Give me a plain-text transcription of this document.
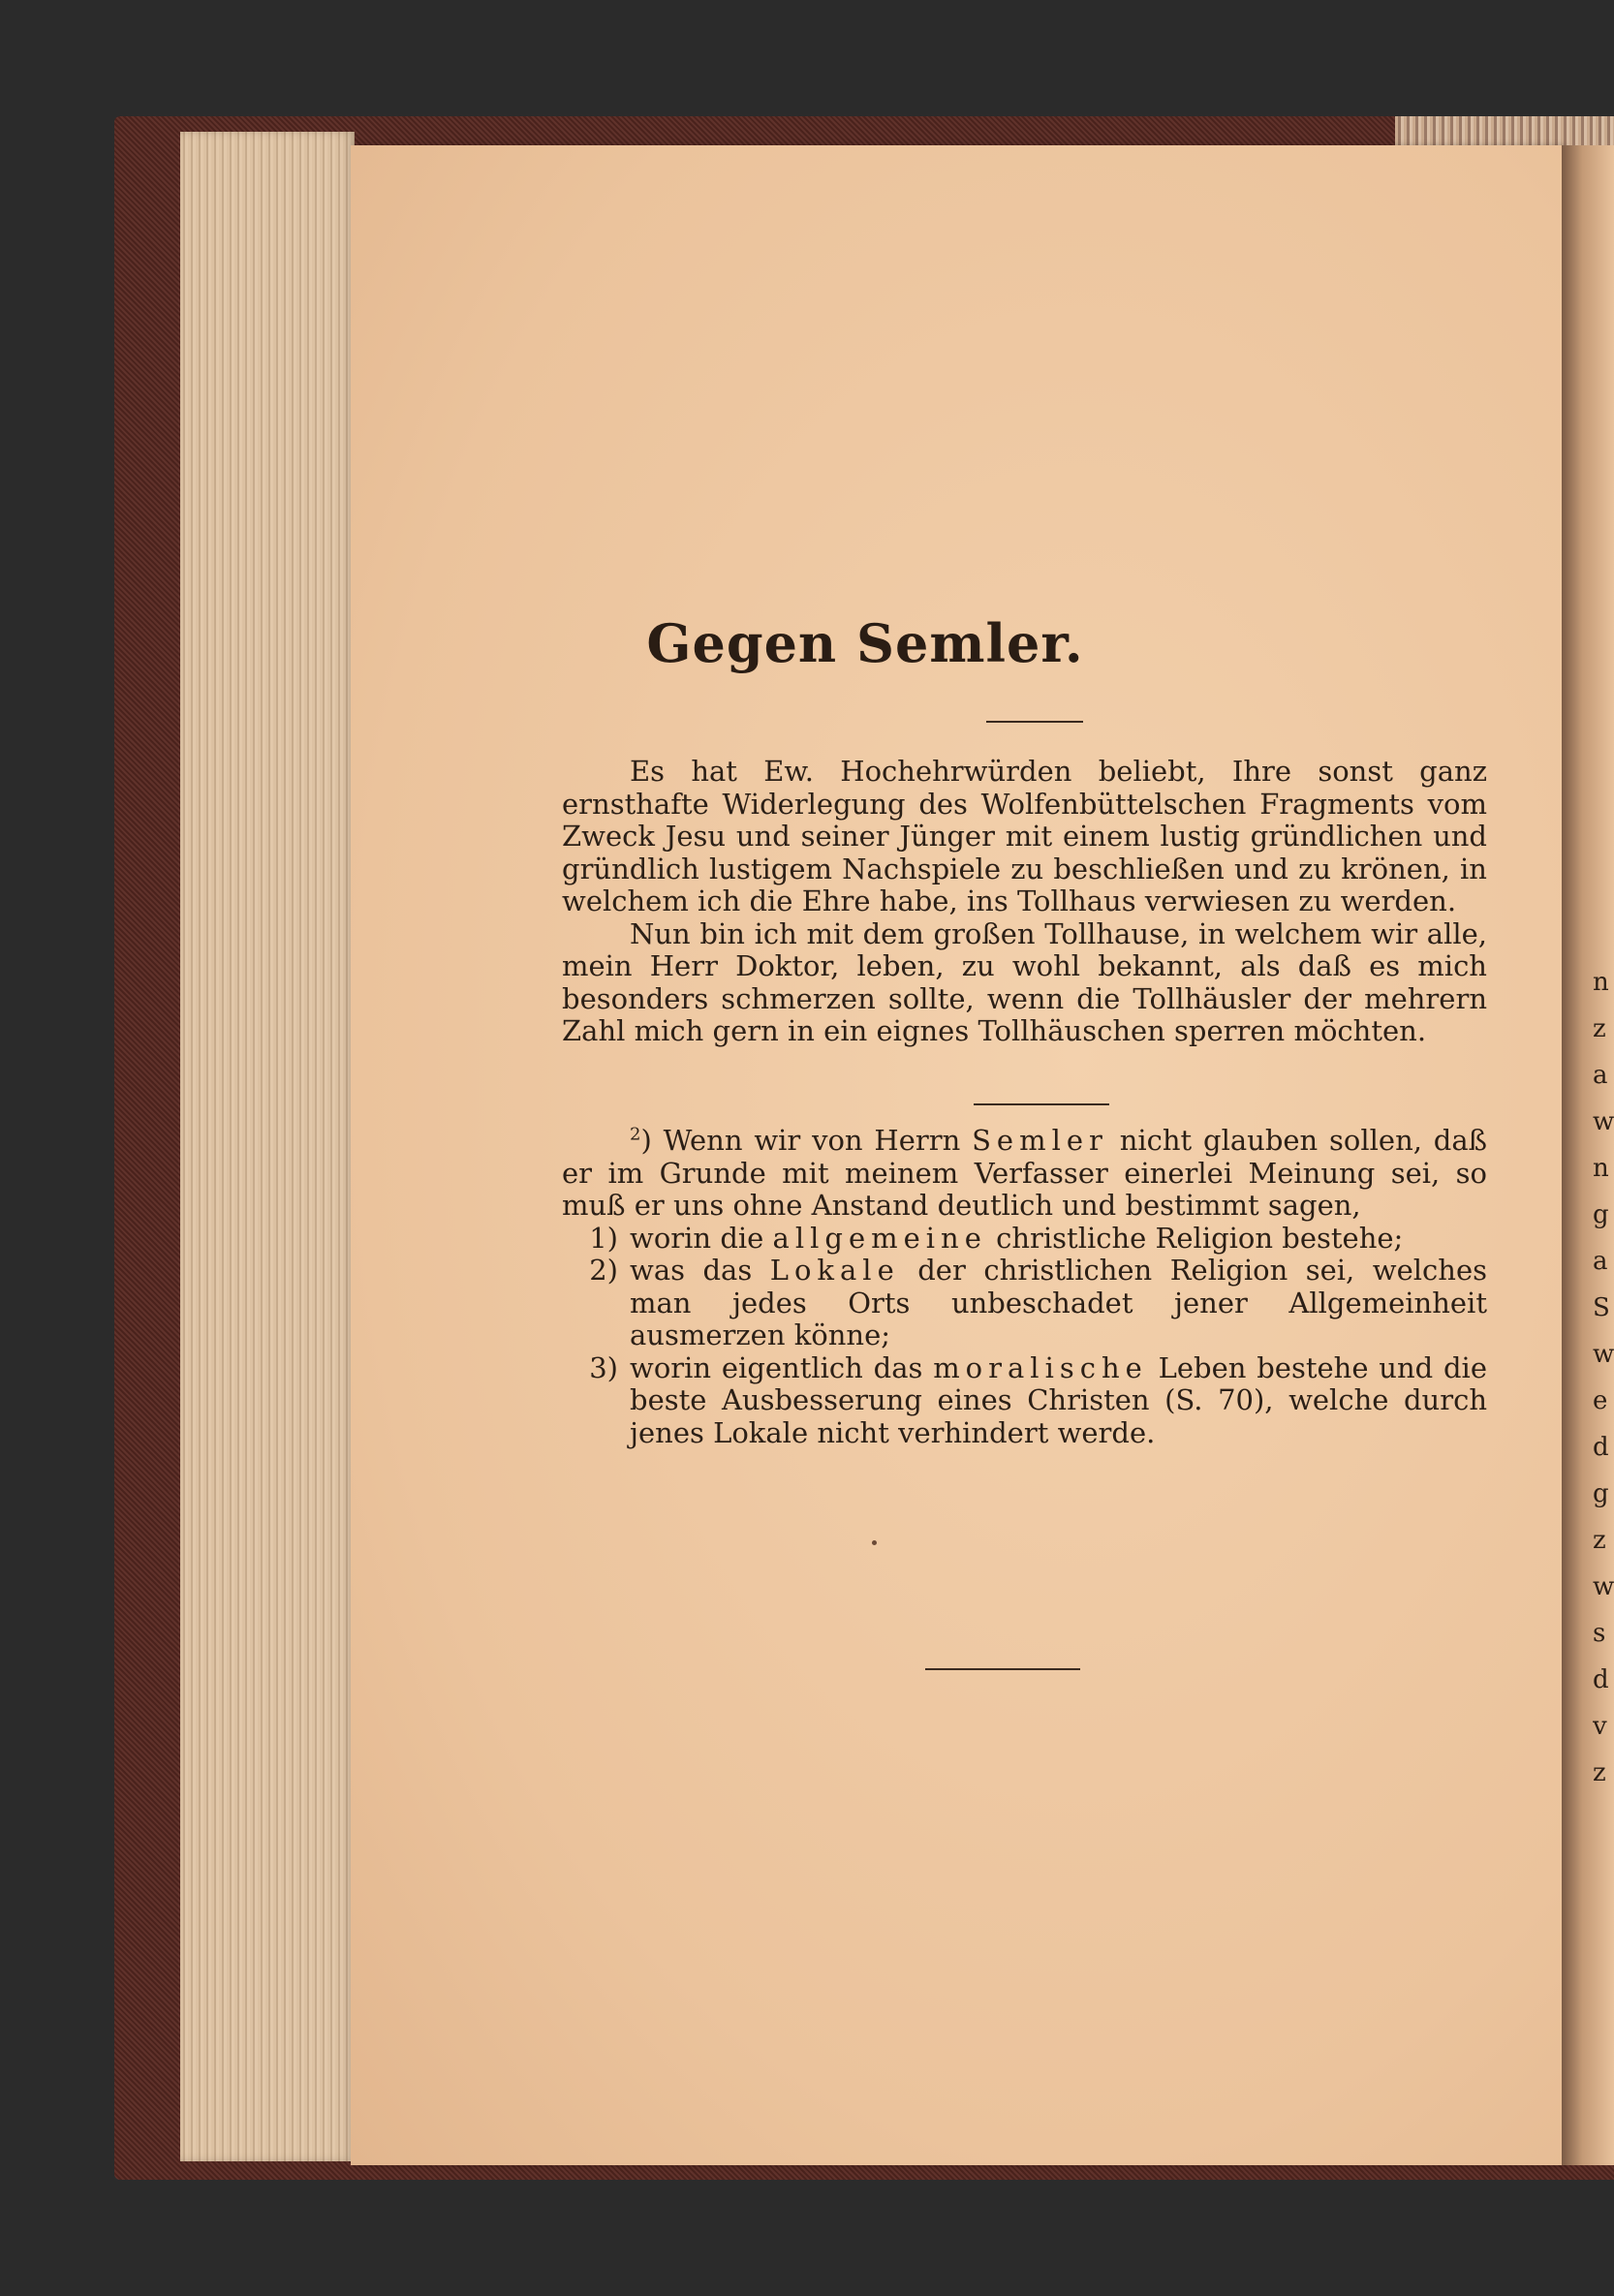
n
z
a
w
n
g
a
S
w
e
d
g
z
w
s
d
v
z
Gegen Semler.

Es hat Ew. Hochehrwürden beliebt, Ihre sonst ganz ernsthafte Widerlegung des Wolfenbüttelschen Fragments vom Zweck Jesu und seiner Jünger mit einem lustig gründlichen und gründlich lustigem Nachspiele zu beschließen und zu krönen, in welchem ich die Ehre habe, ins Tollhaus verwiesen zu werden.

Nun bin ich mit dem großen Tollhause, in welchem wir alle, mein Herr Doktor, leben, zu wohl bekannt, als daß es mich besonders schmerzen sollte, wenn die Tollhäusler der mehrern Zahl mich gern in ein eignes Tollhäuschen sperren möchten.

$^2$) Wenn wir von Herrn Semler nicht glauben sollen, daß er im Grunde mit meinem Verfasser einerlei Meinung sei, so muß er uns ohne Anstand deutlich und bestimmt sagen,

1) worin die allgemeine christliche Religion bestehe;
2) was das Lokale der christlichen Religion sei, welches man jedes Orts unbeschadet jener Allgemeinheit ausmerzen könne;
3) worin eigentlich das moralische Leben bestehe und die beste Ausbesserung eines Christen (S. 70), welche durch jenes Lokale nicht verhindert werde.
